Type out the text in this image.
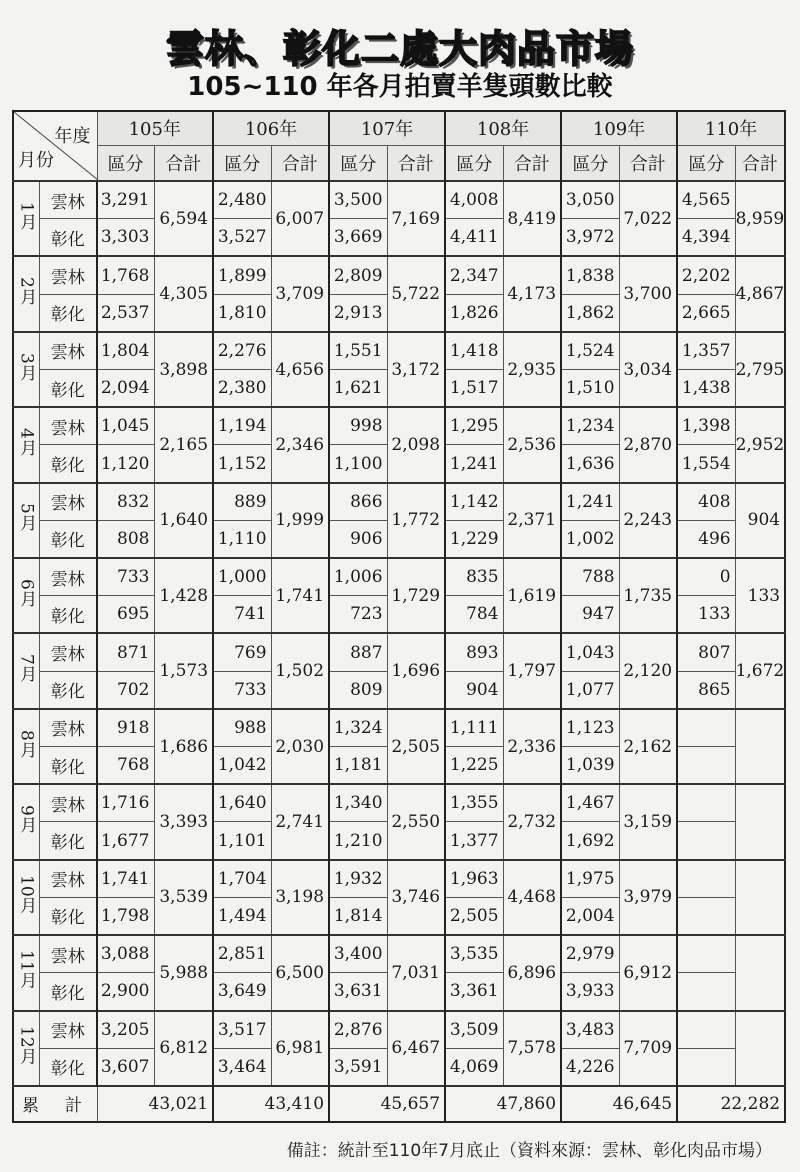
雲林、彰化二處大肉品市場
105~110 年各月拍賣羊隻頭數比較
年度
月份		105年		106年		107年		108年		109年		110年	
		區分	合計	區分	合計	區分	合計	區分	合計	區分	合計	區分	合計
1月	雲林	3,291	6,594	2,480	6,007	3,500	7,169	4,008	8,419	3,050	7,022	4,565	8,959
	彰化	3,303		3,527		3,669		4,411		3,972		4,394	
2月	雲林	1,768	4,305	1,899	3,709	2,809	5,722	2,347	4,173	1,838	3,700	2,202	4,867
	彰化	2,537		1,810		2,913		1,826		1,862		2,665	
3月	雲林	1,804	3,898	2,276	4,656	1,551	3,172	1,418	2,935	1,524	3,034	1,357	2,795
	彰化	2,094		2,380		1,621		1,517		1,510		1,438	
4月	雲林	1,045	2,165	1,194	2,346	998	2,098	1,295	2,536	1,234	2,870	1,398	2,952
	彰化	1,120		1,152		1,100		1,241		1,636		1,554	
5月	雲林	832	1,640	889	1,999	866	1,772	1,142	2,371	1,241	2,243	408	904
	彰化	808		1,110		906		1,229		1,002		496	
6月	雲林	733	1,428	1,000	1,741	1,006	1,729	835	1,619	788	1,735	0	133
	彰化	695		741		723		784		947		133	
7月	雲林	871	1,573	769	1,502	887	1,696	893	1,797	1,043	2,120	807	1,672
	彰化	702		733		809		904		1,077		865	
8月	雲林	918	1,686	988	2,030	1,324	2,505	1,111	2,336	1,123	2,162		
	彰化	768		1,042		1,181		1,225		1,039			
9月	雲林	1,716	3,393	1,640	2,741	1,340	2,550	1,355	2,732	1,467	3,159		
	彰化	1,677		1,101		1,210		1,377		1,692			
10月	雲林	1,741	3,539	1,704	3,198	1,932	3,746	1,963	4,468	1,975	3,979		
	彰化	1,798		1,494		1,814		2,505		2,004			
11月	雲林	3,088	5,988	2,851	6,500	3,400	7,031	3,535	6,896	2,979	6,912		
	彰化	2,900		3,649		3,631		3,361		3,933			
12月	雲林	3,205	6,812	3,517	6,981	2,876	6,467	3,509	7,578	3,483	7,709		
	彰化	3,607		3,464		3,591		4,069		4,226			
累計		43,021		43,410		45,657		47,860		46,645		22,282	
備註：統計至110年7月底止（資料來源：雲林、彰化肉品市場）
